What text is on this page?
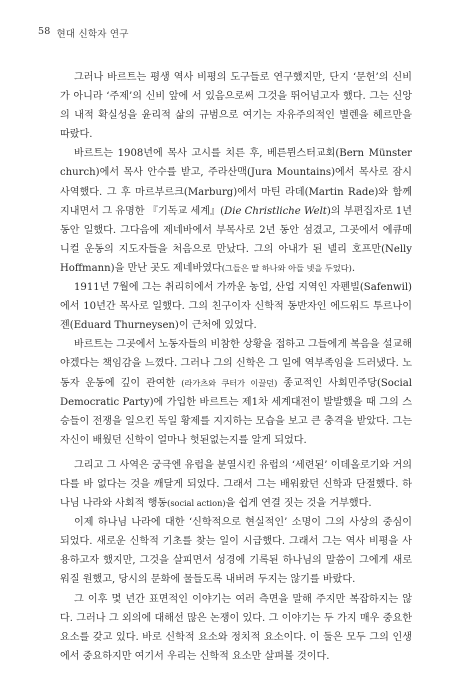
58 현대 신학자 연구

그러나 바르트는 평생 역사 비평의 도구들로 연구했지만, 단지 ‘문헌’의 신비가 아니라 ‘주제’의 신비 앞에 서 있음으로써 그것을 뛰어넘고자 했다. 그는 신앙의 내적 확실성을 윤리적 삶의 규범으로 여기는 자유주의적인 별렌을 헤르만을 따랐다.

바르트는 1908년에 목사 고시를 치른 후, 베른뮌스터교회(Bern Münster church)에서 목사 안수를 받고, 주라산맥(Jura Mountains)에서 목사로 잠시 사역했다. 그 후 마르부르크(Marburg)에서 마틴 라데(Martin Rade)와 함께 지내면서 그 유명한 『기독교 세계』(Die Christliche Welt)의 부편집자로 1년 동안 일했다. 그다음에 제네바에서 부목사로 2년 동안 섬겼고, 그곳에서 에큐메니컬 운동의 지도자들을 처음으로 만났다. 그의 아내가 된 넬리 호프만(Nelly Hoffmann)을 만난 곳도 제네바였다(그들은 딸 하나와 아들 넷을 두었다).

1911년 7월에 그는 취리히에서 가까운 농업, 산업 지역인 자펜빌(Safenwil)에서 10년간 목사로 일했다. 그의 친구이자 신학적 동반자인 에드워드 투르나이젠(Eduard Thurneysen)이 근처에 있었다.

바르트는 그곳에서 노동자들의 비참한 상황을 접하고 그들에게 복음을 설교해야겠다는 책임감을 느꼈다. 그러나 그의 신학은 그 일에 역부족임을 드러냈다. 노동자 운동에 깊이 관여한 (라가츠와 쿠터가 이끌던) 종교적인 사회민주당(Social Democratic Party)에 가입한 바르트는 제1차 세계대전이 발발했을 때 그의 스승들이 전쟁을 일으킨 독일 황제를 지지하는 모습을 보고 큰 충격을 받았다. 그는 자신이 배웠던 신학이 얼마나 헛된없는지를 알게 되었다.

그리고 그 사역은 궁극엔 유럽을 분열시킨 유럽의 ‘세련된’ 이데올로기와 거의 다를 바 없다는 것을 깨달게 되었다. 그래서 그는 배워왔던 신학과 단절했다. 하나님 나라와 사회적 행동(social action)을 쉽게 연결 짓는 것을 거부했다.

이제 하나님 나라에 대한 ‘신학적으로 현실적인’ 소명이 그의 사상의 중심이 되었다. 새로운 신학적 기초를 찾는 일이 시급했다. 그래서 그는 역사 비평을 사용하고자 했지만, 그것을 살피면서 성경에 기록된 하나님의 말씀이 그에게 새로워질 원했고, 당시의 문화에 물들도록 내버려 두지는 않기를 바랐다.

그 이후 몇 년간 표면적인 이야기는 여러 측면을 말해 주지만 복잡하지는 않다. 그러나 그 외의에 대해선 많은 논쟁이 있다. 그 이야기는 두 가지 매우 중요한 요소를 갖고 있다. 바로 신학적 요소와 정치적 요소이다. 이 둘은 모두 그의 인생에서 중요하지만 여기서 우리는 신학적 요소만 살펴볼 것이다.
